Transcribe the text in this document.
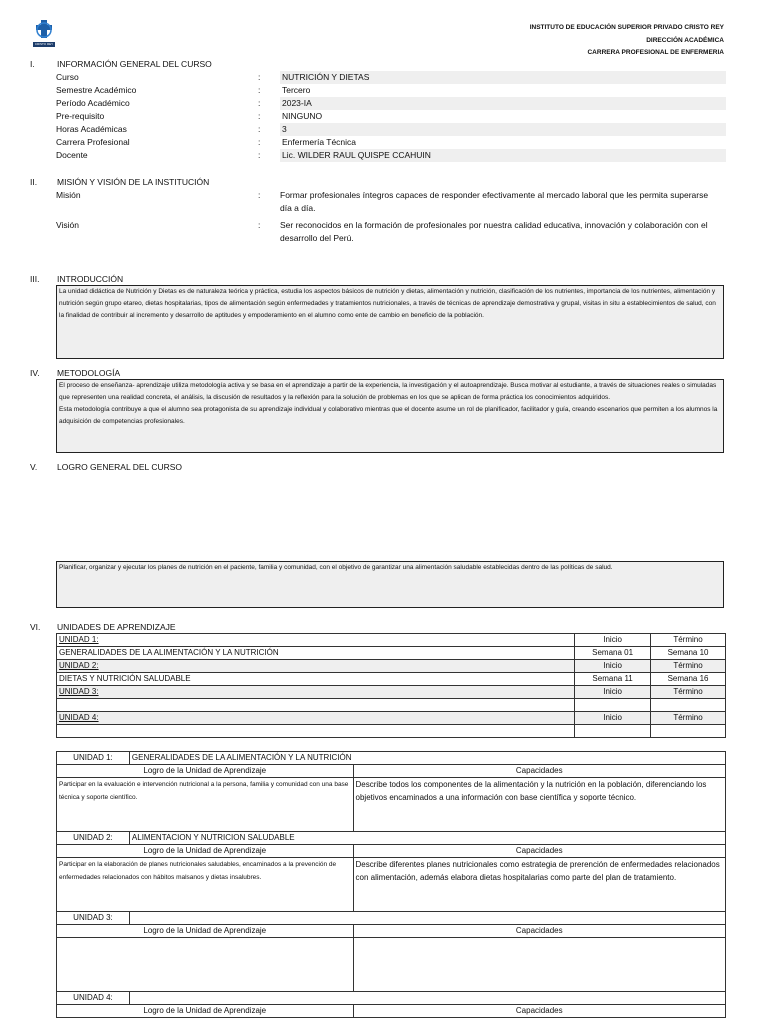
CRISTO REY
INSTITUTO DE EDUCACIÓN SUPERIOR PRIVADO CRISTO REY
DIRECCIÓN ACADÉMICA
CARRERA PROFESIONAL DE ENFERMERIA
I.	INFORMACIÓN GENERAL DEL CURSO
Curso	:	NUTRICIÓN Y DIETAS
Semestre Académico	:	Tercero
Período Académico	:	2023-IA
Pre-requisito	:	NINGUNO
Horas Académicas	:	3
Carrera Profesional	:	Enfermería Técnica
Docente	:	Lic. WILDER RAUL QUISPE CCAHUIN
II. MISIÓN Y VISIÓN DE LA INSTITUCIÓN
Misión	: Formar profesionales íntegros capaces de responder efectivamente al mercado laboral que les permita superarse día a día.
Visión	: Ser reconocidos en la formación de profesionales por nuestra calidad educativa, innovación y colaboración con el desarrollo del Perú.
III. INTRODUCCIÓN
La unidad didáctica de Nutrición y Dietas es de naturaleza teórica y práctica, estudia los aspectos básicos de nutrición y dietas, alimentación y nutrición, clasificación de los nutrientes, importancia de los nutrientes, alimentación y nutrición según grupo etareo, dietas hospitalarias, tipos de alimentación según enfermedades y tratamientos nutricionales, a través de técnicas de aprendizaje demostrativa y grupal, visitas in situ a establecimientos de salud, con la finalidad de contribuir al incremento y desarrollo de aptitudes y empoderamiento en el alumno como ente de cambio en beneficio de la población.
IV. METODOLOGÍA
El proceso de enseñanza- aprendizaje utiliza metodología activa y se basa en el aprendizaje a partir de la experiencia, la investigación y el autoaprendizaje. Busca motivar al estudiante, a través de situaciones reales o simuladas que representen una realidad concreta, el análisis, la discusión de resultados y la reflexión para la solución de problemas en los que se aplican de forma práctica los conocimientos adquiridos.
Esta metodología contribuye a que el alumno sea protagonista de su aprendizaje individual y colaborativo mientras que el docente asume un rol de planificador, facilitador y guía, creando escenarios que permiten a los alumnos la adquisición de competencias profesionales.
V. LOGRO GENERAL DEL CURSO
Planificar, organizar y ejecutar los planes de nutrición en el paciente, familia y comunidad, con el objetivo de garantizar una alimentación saludable establecidas dentro de las políticas de salud.
VI. UNIDADES DE APRENDIZAJE
UNIDAD 1:	Inicio	Término
GENERALIDADES DE LA ALIMENTACIÓN Y LA NUTRICIÓN	Semana 01	Semana 10
UNIDAD 2:	Inicio	Término
DIETAS Y NUTRICIÓN SALUDABLE	Semana 11	Semana 16
UNIDAD 3:	Inicio	Término

UNIDAD 4:	Inicio	Término

UNIDAD 1:	GENERALIDADES DE LA ALIMENTACIÓN Y LA NUTRICIÓN	
Logro de la Unidad de Aprendizaje		Capacidades
Participar en la evaluación e intervención nutricional a la persona, familia y comunidad con una base técnica y soporte científico.		Describe todos los componentes de la alimentación y la nutrición en la población, diferenciando los objetivos encaminados a una información con base científica y soporte técnico.
UNIDAD 2:	ALIMENTACION Y NUTRICION SALUDABLE	
Logro de la Unidad de Aprendizaje		Capacidades
Participar en la elaboración de planes nutricionales saludables, encaminados a la prevención de enfermedades relacionados con hábitos malsanos y dietas insalubres.		Describe diferentes planes nutricionales como estrategia de prerención de enfermedades relacionados con alimentación, además elabora dietas hospitalarias como parte del plan de tratamiento.
UNIDAD 3:		
Logro de la Unidad de Aprendizaje		Capacidades

UNIDAD 4:		
Logro de la Unidad de Aprendizaje		Capacidades
